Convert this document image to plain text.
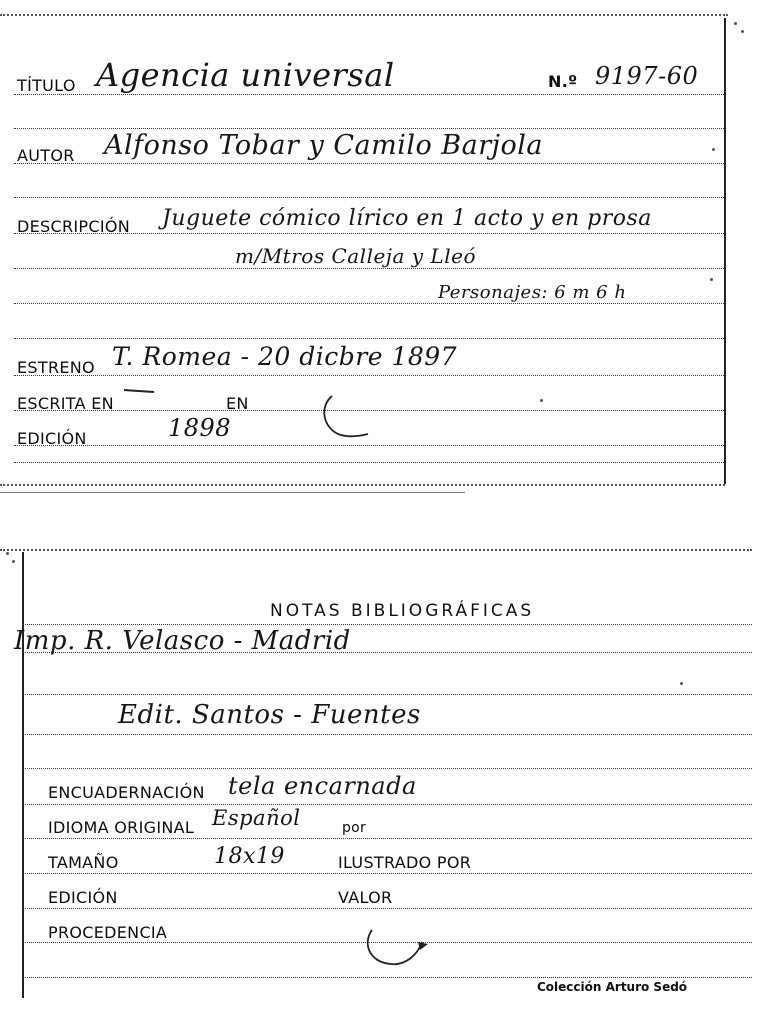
TÍTULO Agencia universal	N.º 9197-60
AUTOR Alfonso Tobar y Camilo Barjola
DESCRIPCIÓN Juguete cómico lírico en 1 acto y en prosa
m/Mtros Calleja y Lleó
Personajes: 6 m 6 h
ESTRENO T. Romea - 20 dicbre 1897
ESCRITA EN	EN
EDICIÓN	1898
NOTAS BIBLIOGRÁFICAS
Imp. R. Velasco - Madrid
Edit. Santos - Fuentes
ENCUADERNACIÓN tela encarnada
IDIOMA ORIGINAL Español	por
TAMAÑO	18x19	ILUSTRADO POR
EDICIÓN	VALOR
PROCEDENCIA
Colección Arturo Sedó
